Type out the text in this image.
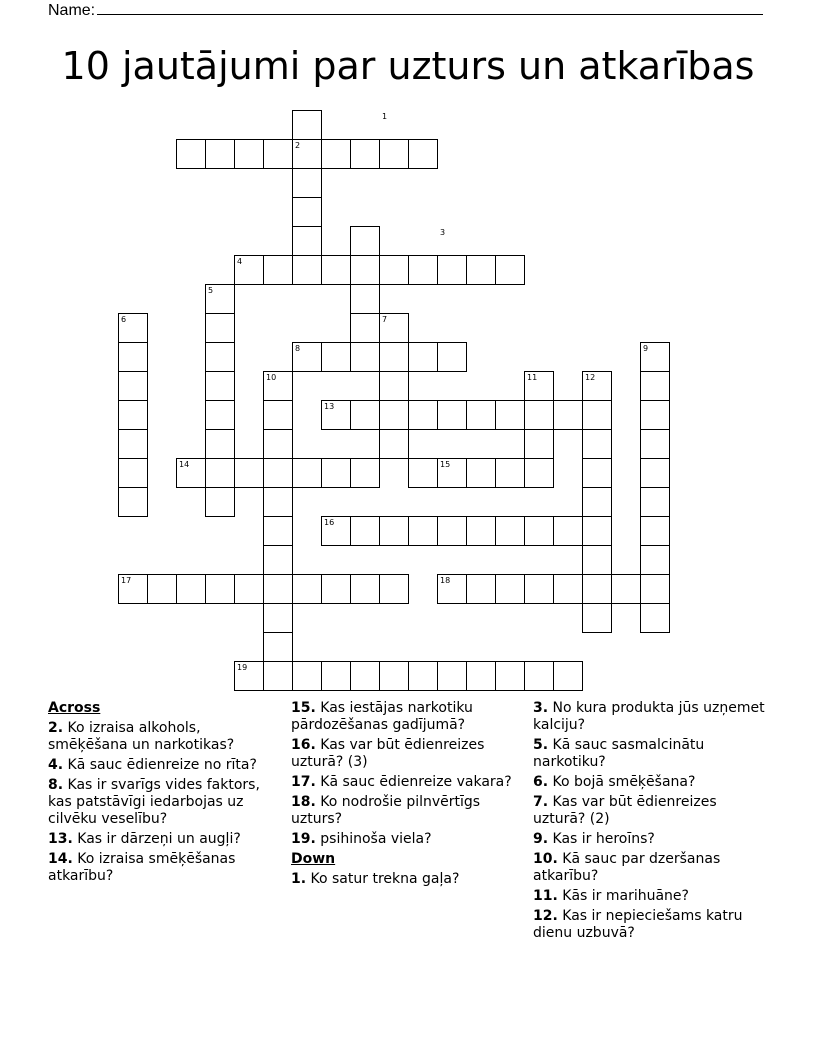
Name:
10 jautājumi par uzturs un atkarības
1
2
3
4
5
6	7
8	9
10	11	12
13
14	15
16
17	18
19
Across
2. Ko izraisa alkohols, smēķēšana un narkotikas?
4. Kā sauc ēdienreize no rīta?
8. Kas ir svarīgs vides faktors, kas patstāvīgi iedarbojas uz cilvēku veselību?
13. Kas ir dārzeņi un augļi?
14. Ko izraisa smēķēšanas atkarību?
15. Kas iestājas narkotiku pārdozēšanas gadījumā?
16. Kas var būt ēdienreizes uzturā? (3)
17. Kā sauc ēdienreize vakara?
18. Ko nodrošie pilnvērtīgs uzturs?
19. psihinoša viela?
Down
1. Ko satur trekna gaļa?
3. No kura produkta jūs uzņemet kalciju?
5. Kā sauc sasmalcinātu narkotiku?
6. Ko bojā smēķēšana?
7. Kas var būt ēdienreizes uzturā? (2)
9. Kas ir heroīns?
10. Kā sauc par dzeršanas atkarību?
11. Kās ir marihuāne?
12. Kas ir nepieciešams katru dienu uzbuvā?
